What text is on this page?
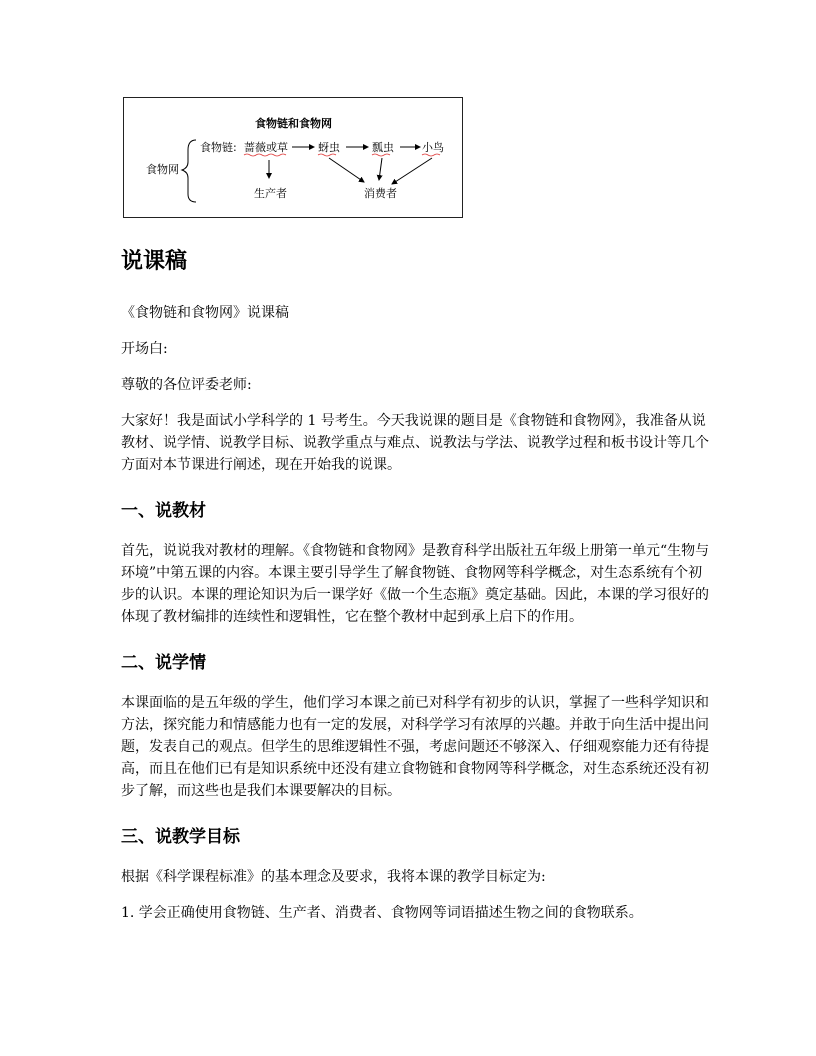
食物链和食物网
食物网
食物链: 蔷薇或草	蚜虫	瓢虫	小鸟
生产者	消费者
说课稿

《食物链和食物网》说课稿

开场白:

尊敬的各位评委老师:

大家好！我是面试小学科学的 1 号考生。今天我说课的题目是《食物链和食物网》，我准备从说教材、说学情、说教学目标、说教学重点与难点、说教法与学法、说教学过程和板书设计等几个方面对本节课进行阐述，现在开始我的说课。

一、说教材

首先，说说我对教材的理解。《食物链和食物网》是教育科学出版社五年级上册第一单元“生物与环境”中第五课的内容。本课主要引导学生了解食物链、食物网等科学概念，对生态系统有个初步的认识。本课的理论知识为后一课学好《做一个生态瓶》奠定基础。因此，本课的学习很好的体现了教材编排的连续性和逻辑性，它在整个教材中起到承上启下的作用。

二、说学情

本课面临的是五年级的学生，他们学习本课之前已对科学有初步的认识，掌握了一些科学知识和方法，探究能力和情感能力也有一定的发展，对科学学习有浓厚的兴趣。并敢于向生活中提出问题，发表自己的观点。但学生的思维逻辑性不强，考虑问题还不够深入、仔细观察能力还有待提高，而且在他们已有是知识系统中还没有建立食物链和食物网等科学概念，对生态系统还没有初步了解，而这些也是我们本课要解决的目标。

三、说教学目标

根据《科学课程标准》的基本理念及要求，我将本课的教学目标定为:

1. 学会正确使用食物链、生产者、消费者、食物网等词语描述生物之间的食物联系。
